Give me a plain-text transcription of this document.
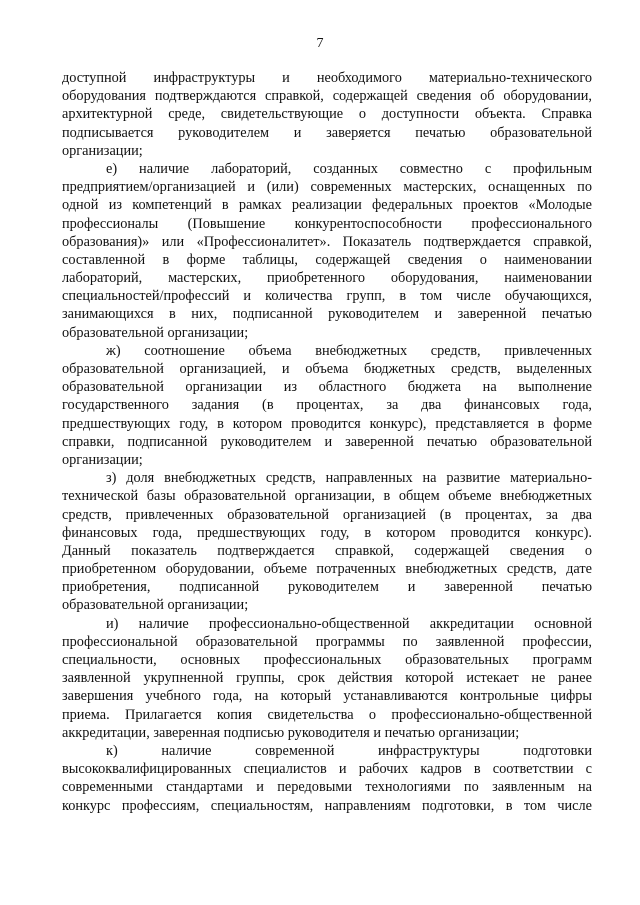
7
доступной инфраструктуры и необходимого материально-технического
оборудования подтверждаются справкой, содержащей сведения об оборудовании,
архитектурной среде, свидетельствующие о доступности объекта. Справка
подписывается руководителем и заверяется печатью образовательной
организации;
е) наличие лабораторий, созданных совместно с профильным
предприятием/организацией и (или) современных мастерских, оснащенных по
одной из компетенций в рамках реализации федеральных проектов «Молодые
профессионалы (Повышение конкурентоспособности профессионального
образования)» или «Профессионалитет». Показатель подтверждается справкой,
составленной в форме таблицы, содержащей сведения о наименовании
лабораторий, мастерских, приобретенного оборудования, наименовании
специальностей/профессий и количества групп, в том числе обучающихся,
занимающихся в них, подписанной руководителем и заверенной печатью
образовательной организации;
ж) соотношение объема внебюджетных средств, привлеченных
образовательной организацией, и объема бюджетных средств, выделенных
образовательной организации из областного бюджета на выполнение
государственного задания (в процентах, за два финансовых года,
предшествующих году, в котором проводится конкурс), представляется в форме
справки, подписанной руководителем и заверенной печатью образовательной
организации;
з) доля внебюджетных средств, направленных на развитие материально-
технической базы образовательной организации, в общем объеме внебюджетных
средств, привлеченных образовательной организацией (в процентах, за два
финансовых года, предшествующих году, в котором проводится конкурс).
Данный показатель подтверждается справкой, содержащей сведения о
приобретенном оборудовании, объеме потраченных внебюджетных средств, дате
приобретения, подписанной руководителем и заверенной печатью
образовательной организации;
и) наличие профессионально-общественной аккредитации основной
профессиональной образовательной программы по заявленной профессии,
специальности, основных профессиональных образовательных программ
заявленной укрупненной группы, срок действия которой истекает не ранее
завершения учебного года, на который устанавливаются контрольные цифры
приема. Прилагается копия свидетельства о профессионально-общественной
аккредитации, заверенная подписью руководителя и печатью организации;
к) наличие современной инфраструктуры подготовки
высококвалифицированных специалистов и рабочих кадров в соответствии с
современными стандартами и передовыми технологиями по заявленным на
конкурс профессиям, специальностям, направлениям подготовки, в том числе
